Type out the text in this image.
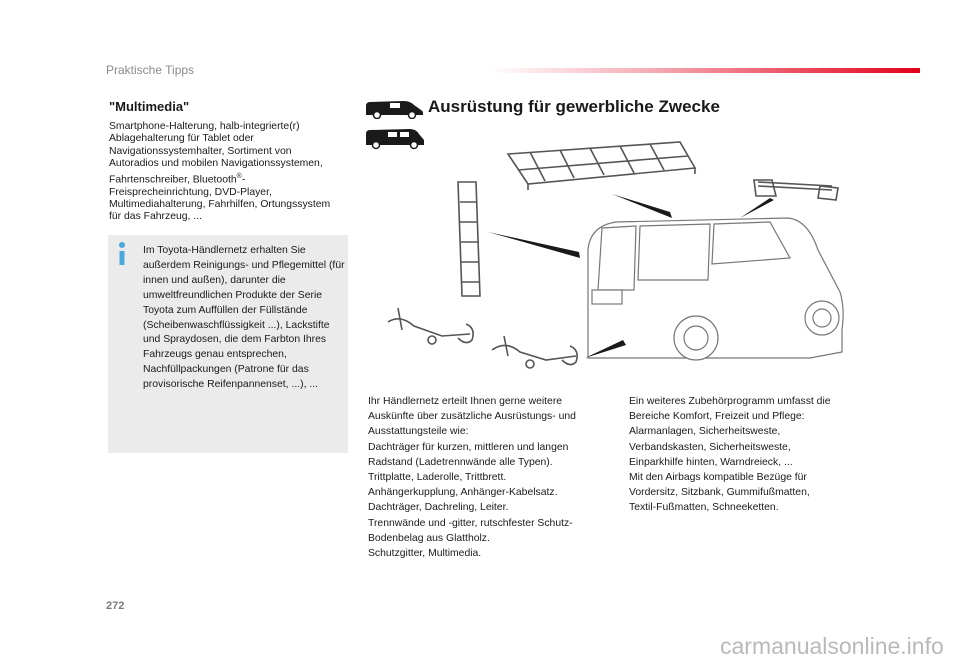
Praktische Tipps
"Multimedia"

Smartphone-Halterung, halb-integrierte(r) Ablagehalterung für Tablet oder Navigationssystemhalter, Sortiment von Autoradios und mobilen Navigationssystemen, Fahrtenschreiber, Bluetooth®-Freisprecheinrichtung, DVD-Player, Multimediahalterung, Fahrhilfen, Ortungssystem für das Fahrzeug, ...

Im Toyota-Händlernetz erhalten Sie außerdem Reinigungs- und Pflegemittel (für innen und außen), darunter die umweltfreundlichen Produkte der Serie Toyota zum Auffüllen der Füllstände (Scheibenwaschflüssigkeit ...), Lackstifte und Spraydosen, die dem Farbton Ihres Fahrzeugs genau entsprechen, Nachfüllpackungen (Patrone für das provisorische Reifenpannenset, ...), ...

Ausrüstung für gewerbliche Zwecke

Ihr Händlernetz erteilt Ihnen gerne weitere
Auskünfte über zusätzliche Ausrüstungs- und
Ausstattungsteile wie:
Dachträger für kurzen, mittleren und langen
Radstand (Ladetrennwände alle Typen).
Trittplatte, Laderolle, Trittbrett.
Anhängerkupplung, Anhänger-Kabelsatz.
Dachträger, Dachreling, Leiter.
Trennwände und -gitter, rutschfester Schutz-
Bodenbelag aus Glattholz.
Schutzgitter, Multimedia.

Ein weiteres Zubehörprogramm umfasst die
Bereiche Komfort, Freizeit und Pflege:
Alarmanlagen, Sicherheitsweste,
Verbandskasten, Sicherheitsweste,
Einparkhilfe hinten, Warndreieck, ...
Mit den Airbags kompatible Bezüge für
Vordersitz, Sitzbank, Gummifußmatten,
Textil-Fußmatten, Schneeketten.

272
carmanualsonline.info
